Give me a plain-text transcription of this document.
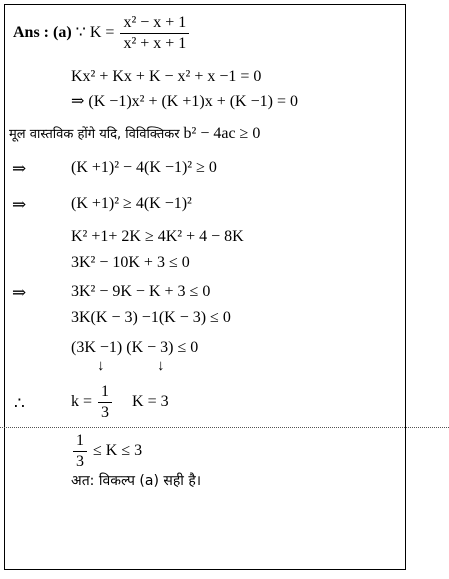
Ans : (a) ∵ $K = \frac{\text{x² − x + 1}}{\text{x² + x + 1}}$
Kx² + Kx + K − x² + x −1 = 0
⇒ (K −1)x² + (K +1)x + (K −1) = 0
मूल वास्तविक होंगे यदि, विविक्तिकर b² − 4ac ≥ 0
⇒	(K +1)² − 4(K −1)² ≥ 0
⇒	(K +1)² ≥ 4(K −1)²
K² +1+ 2K ≥ 4K² + 4 − 8K
3K² − 10K + 3 ≤ 0
⇒	3K² − 9K − K + 3 ≤ 0
3K(K − 3) −1(K − 3) ≤ 0
(3K −1) (K − 3) ≤ 0
↓	↓
∴	$k = \frac{1}{3}$ K = 3
$\frac{1}{3} \le K \le 3$
अत: विकल्प (a) सही है।
